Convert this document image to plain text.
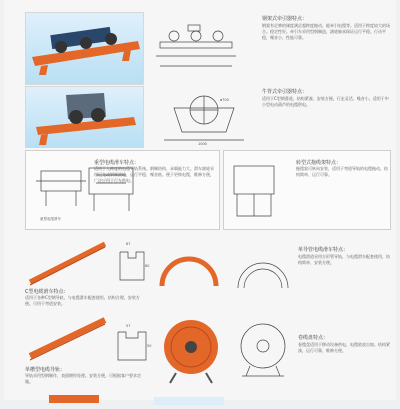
钢架式牵引器特点：
钢架有足够的刚度满足超跨度拖动，能牵引电缆等。适用于跨度较大的场合。稳定性好。牵引车采用型钢制造，滚轮轴承保证运行平稳。行动平稳，噪音小，性能可靠。
ø700
1000
牛背式牵引器特点：
适用于C型钢滑道。结构紧凑，安装方便。行走灵活，噪音小。适用于中小型电动葫芦的电缆供电。
重型电缆滑车特点：
适用于大跨度的电缆导轨系统。钢制结构，承载能力大。滑车滚轮采用尼龙或钢制滚轮，运行平稳，噪音低。便于更换电缆，维修方便，广泛应用于行车供电。
重型电缆滑车
转型式拖缆架特点：
拖缆架可转向安装，适用于弯道导轨的电缆拖动。结构简单，运行可靠。
67
80
单导管电缆滑车特点：
电缆滑道采用方形管导轨，与电缆滑车配套使用，结构简单，安装方便。
适用于各种C型钢导轨，与电缆滑车配套使用。结构合理，安装方便。可用于弯道安装。
C型电缆滑车特点：
57
50
卷缆盘特点：
卷缆盘适用于移动设备供电，电缆收放自如。结构紧凑，运行可靠，维修方便。
单槽型电缆导轨：
导轨采用型钢制作，表面镀锌处理。安装方便，可根据客户要求定做。
